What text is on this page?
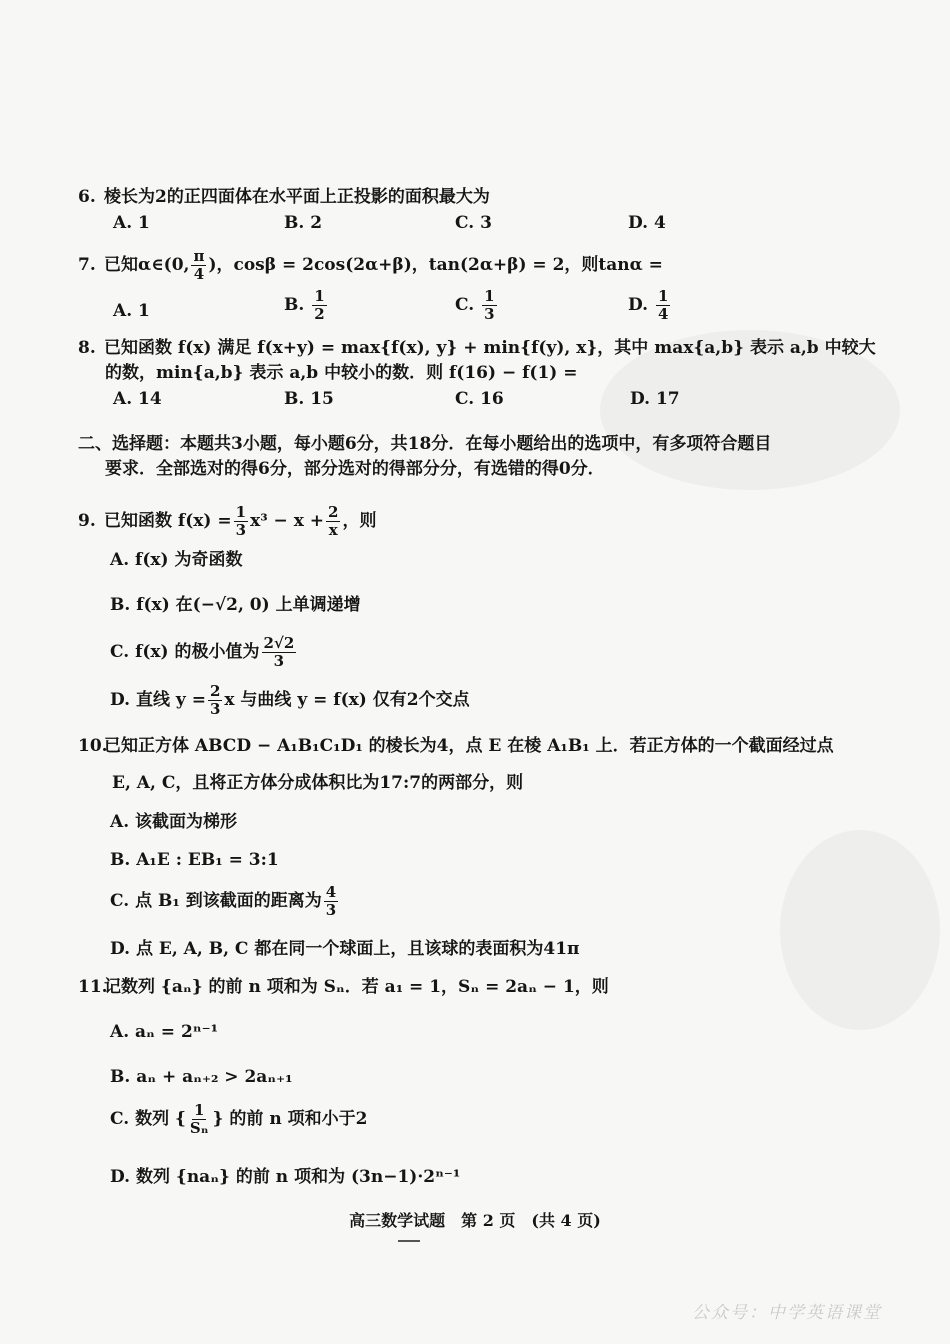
6. 棱长为2的正四面体在水平面上正投影的面积最大为
A. 1	B. 2	C. 3	D. 4
7. 已知α∈(0, $\frac{\pi}{4}$ )，cosβ = 2cos(2α+β)，tan(2α+β) = 2，则tanα =
A. 1	B. $\frac{1}{2}$	C. $\frac{1}{3}$	D. $\frac{1}{4}$
8. 已知函数 f(x) 满足 f(x+y) = max{f(x), y} + min{f(y), x}，其中 max{a,b} 表示 a,b 中较大
的数，min{a,b} 表示 a,b 中较小的数．则 f(16) − f(1) =
A. 14	B. 15	C. 16	D. 17
二、选择题：本题共3小题，每小题6分，共18分．在每小题给出的选项中，有多项符合题目
要求．全部选对的得6分，部分选对的得部分分，有选错的得0分．
9. 已知函数 $f(x) = \frac{1}{3} x^3 - x + \frac{2}{x}$ ，则
A. f(x) 为奇函数
B. f(x) 在(−√2, 0) 上单调递增
C. f(x) 的极小值为 $\frac{2√2}{3}$
D. 直线 $y = \frac{2}{3}$ x 与曲线 y = f(x) 仅有2个交点
10.已知正方体 ABCD − A₁B₁C₁D₁ 的棱长为4，点 E 在棱 A₁B₁ 上．若正方体的一个截面经过点
E, A, C，且将正方体分成体积比为17:7的两部分，则
A. 该截面为梯形
B. A₁E : EB₁ = 3:1
C. 点 B₁ 到该截面的距离为 $\frac{4}{3}$
D. 点 E, A, B, C 都在同一个球面上，且该球的表面积为41π
11.记数列 {aₙ} 的前 n 项和为 Sₙ．若 a₁ = 1，Sₙ = 2aₙ − 1，则
A. aₙ = 2ⁿ⁻¹
B. aₙ + aₙ₊₂ > 2aₙ₊₁
C. 数列 { $\frac{1}{\text{Sₙ}}$ } 的前 n 项和小于2
D. 数列 {naₙ} 的前 n 项和为 (3n−1)·2ⁿ⁻¹
高三数学试题　第 2 页　(共 4 页)
公众号：中学英语课堂
